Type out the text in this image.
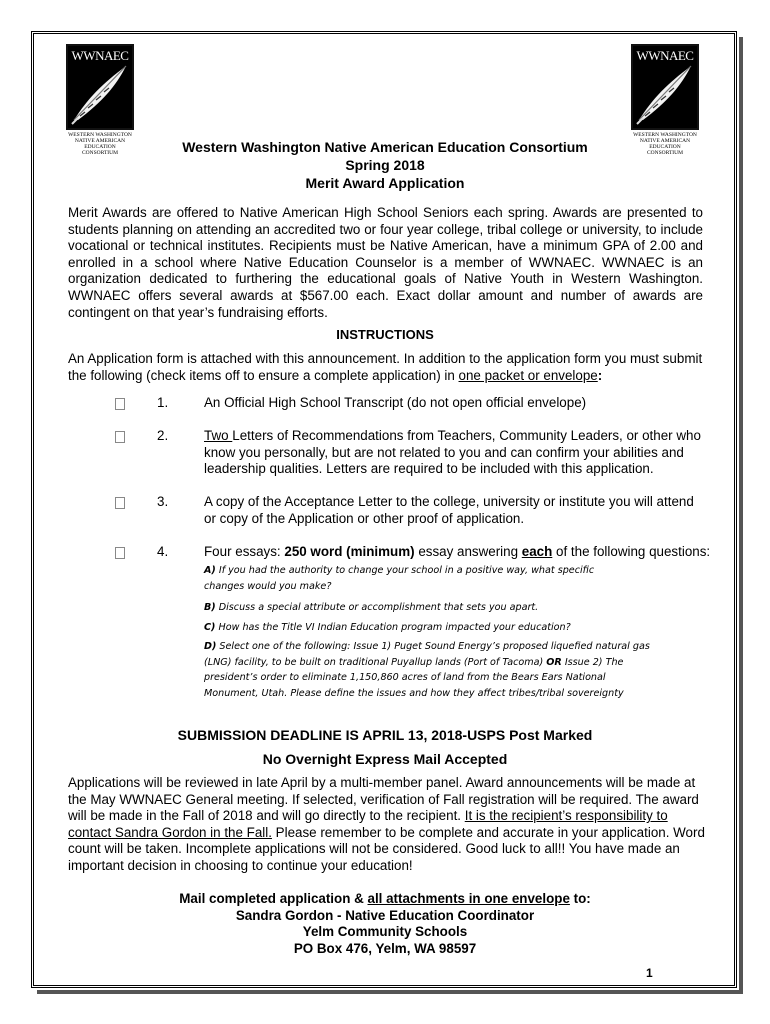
WWNAEC
WESTERN WASHINGTON
NATIVE AMERICAN
EDUCATION CONSORTIUM
WWNAEC
WESTERN WASHINGTON
NATIVE AMERICAN
EDUCATION CONSORTIUM
Western Washington Native American Education Consortium
Spring 2018
Merit Award Application
Merit Awards are offered to Native American High School Seniors each spring. Awards are presented to students planning on attending an accredited two or four year college, tribal college or university, to include vocational or technical institutes. Recipients must be Native American, have a minimum GPA of 2.00 and enrolled in a school where Native Education Counselor is a member of WWNAEC. WWNAEC is an organization dedicated to furthering the educational goals of Native Youth in Western Washington. WWNAEC offers several awards at $567.00 each. Exact dollar amount and number of awards are contingent on that year’s fundraising efforts.
INSTRUCTIONS
An Application form is attached with this announcement. In addition to the application form you must submit the following (check items off to ensure a complete application) in one packet or envelope:
1.	An Official High School Transcript (do not open official envelope)
2.	Two Letters of Recommendations from Teachers, Community Leaders, or other who know you personally, but are not related to you and can confirm your abilities and leadership qualities. Letters are required to be included with this application.
3.	A copy of the Acceptance Letter to the college, university or institute you will attend or copy of the Application or other proof of application.
4.	Four essays: 250 word (minimum) essay answering each of the following questions:
A) If you had the authority to change your school in a positive way, what specific changes would you make?
B) Discuss a special attribute or accomplishment that sets you apart.
C) How has the Title VI Indian Education program impacted your education?
D) Select one of the following: Issue 1) Puget Sound Energy’s proposed liquefied natural gas (LNG) facility, to be built on traditional Puyallup lands (Port of Tacoma) OR Issue 2) The president’s order to eliminate 1,150,860 acres of land from the Bears Ears National Monument, Utah. Please define the issues and how they affect tribes/tribal sovereignty
SUBMISSION DEADLINE IS APRIL 13, 2018-USPS Post Marked
No Overnight Express Mail Accepted
Applications will be reviewed in late April by a multi-member panel. Award announcements will be made at the May WWNAEC General meeting. If selected, verification of Fall registration will be required. The award will be made in the Fall of 2018 and will go directly to the recipient. It is the recipient’s responsibility to contact Sandra Gordon in the Fall. Please remember to be complete and accurate in your application. Word count will be taken. Incomplete applications will not be considered. Good luck to all!! You have made an important decision in choosing to continue your education!
Mail completed application & all attachments in one envelope to:
Sandra Gordon - Native Education Coordinator
Yelm Community Schools
PO Box 476, Yelm, WA 98597
1
